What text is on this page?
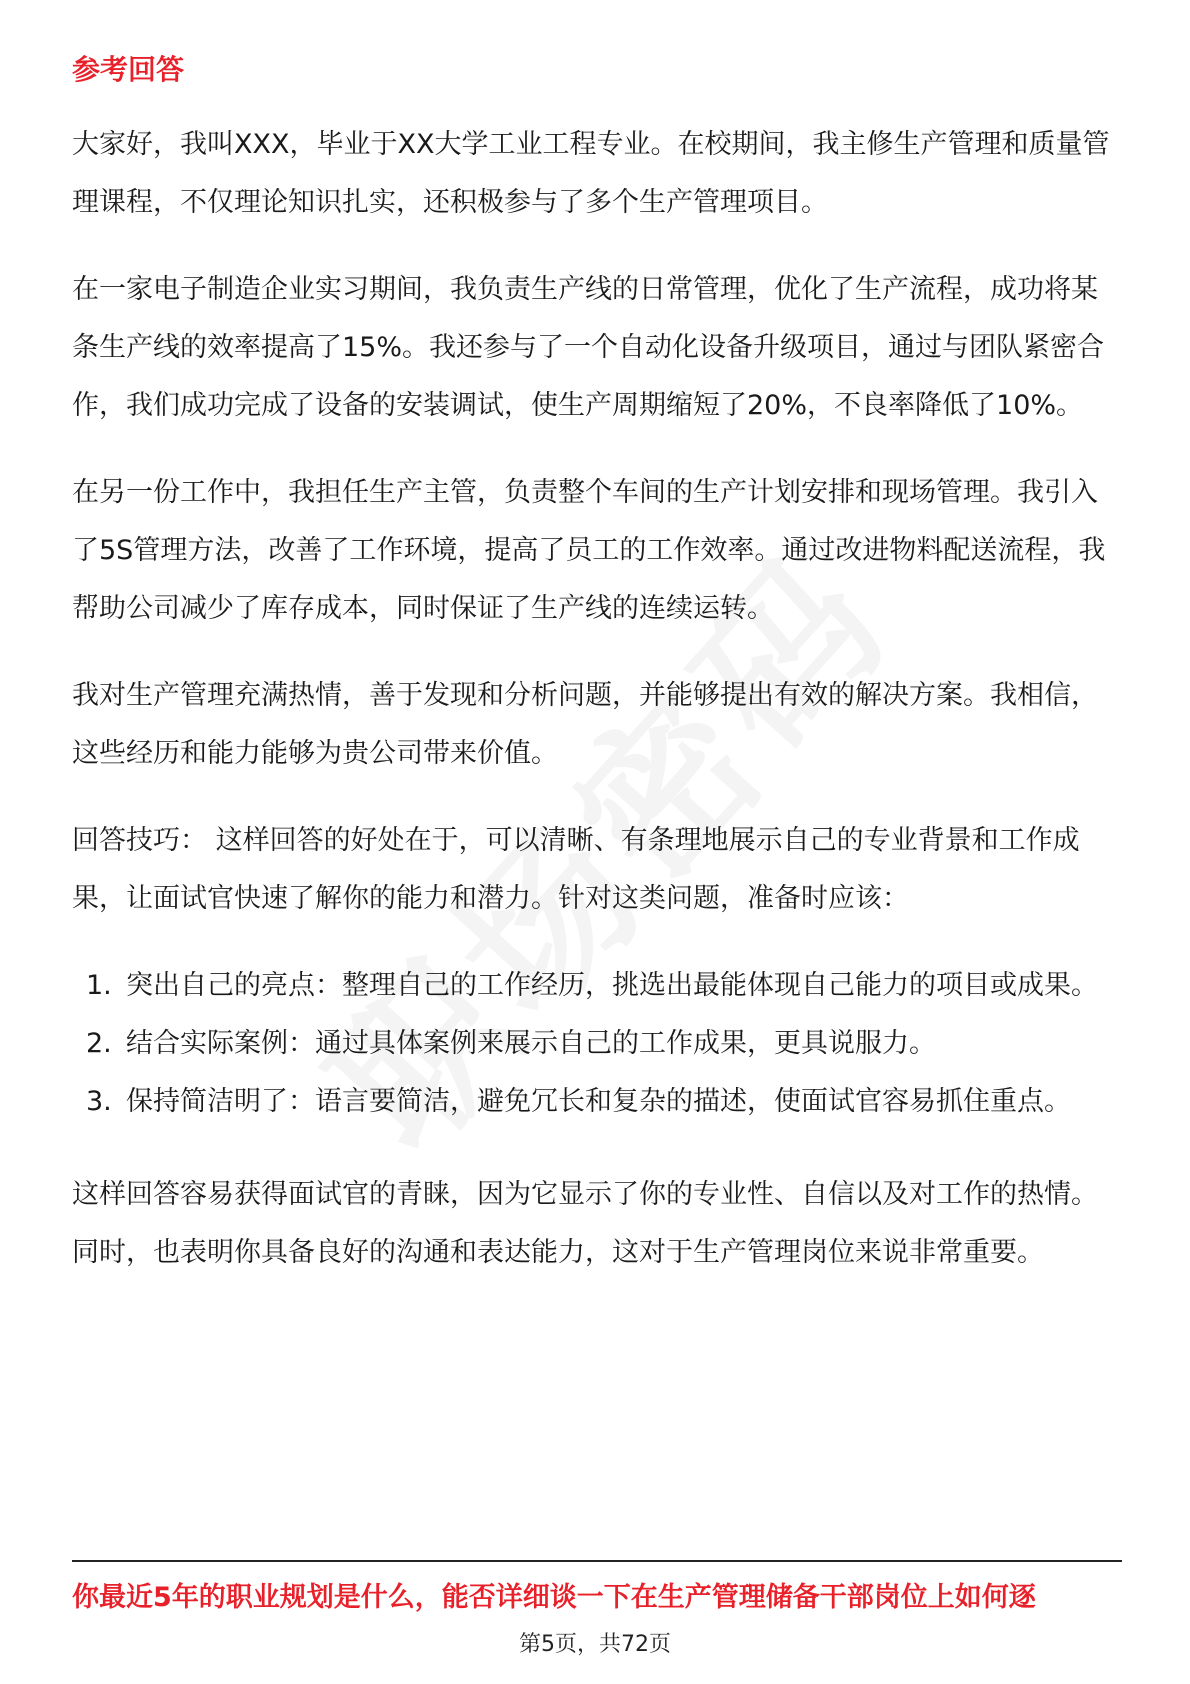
参考回答

大家好，我叫XXX，毕业于XX大学工业工程专业。在校期间，我主修生产管理和质量管理课程，不仅理论知识扎实，还积极参与了多个生产管理项目。

在一家电子制造企业实习期间，我负责生产线的日常管理，优化了生产流程，成功将某条生产线的效率提高了15%。我还参与了一个自动化设备升级项目，通过与团队紧密合作，我们成功完成了设备的安装调试，使生产周期缩短了20%，不良率降低了10%。

在另一份工作中，我担任生产主管，负责整个车间的生产计划安排和现场管理。我引入了5S管理方法，改善了工作环境，提高了员工的工作效率。通过改进物料配送流程，我帮助公司减少了库存成本，同时保证了生产线的连续运转。

我对生产管理充满热情，善于发现和分析问题，并能够提出有效的解决方案。我相信，这些经历和能力能够为贵公司带来价值。

回答技巧： 这样回答的好处在于，可以清晰、有条理地展示自己的专业背景和工作成果，让面试官快速了解你的能力和潜力。针对这类问题，准备时应该：

1. 突出自己的亮点：整理自己的工作经历，挑选出最能体现自己能力的项目或成果。
2. 结合实际案例：通过具体案例来展示自己的工作成果，更具说服力。
3. 保持简洁明了：语言要简洁，避免冗长和复杂的描述，使面试官容易抓住重点。

这样回答容易获得面试官的青睐，因为它显示了你的专业性、自信以及对工作的热情。同时，也表明你具备良好的沟通和表达能力，这对于生产管理岗位来说非常重要。

你最近5年的职业规划是什么，能否详细谈一下在生产管理储备干部岗位上如何逐
第5页，共72页
